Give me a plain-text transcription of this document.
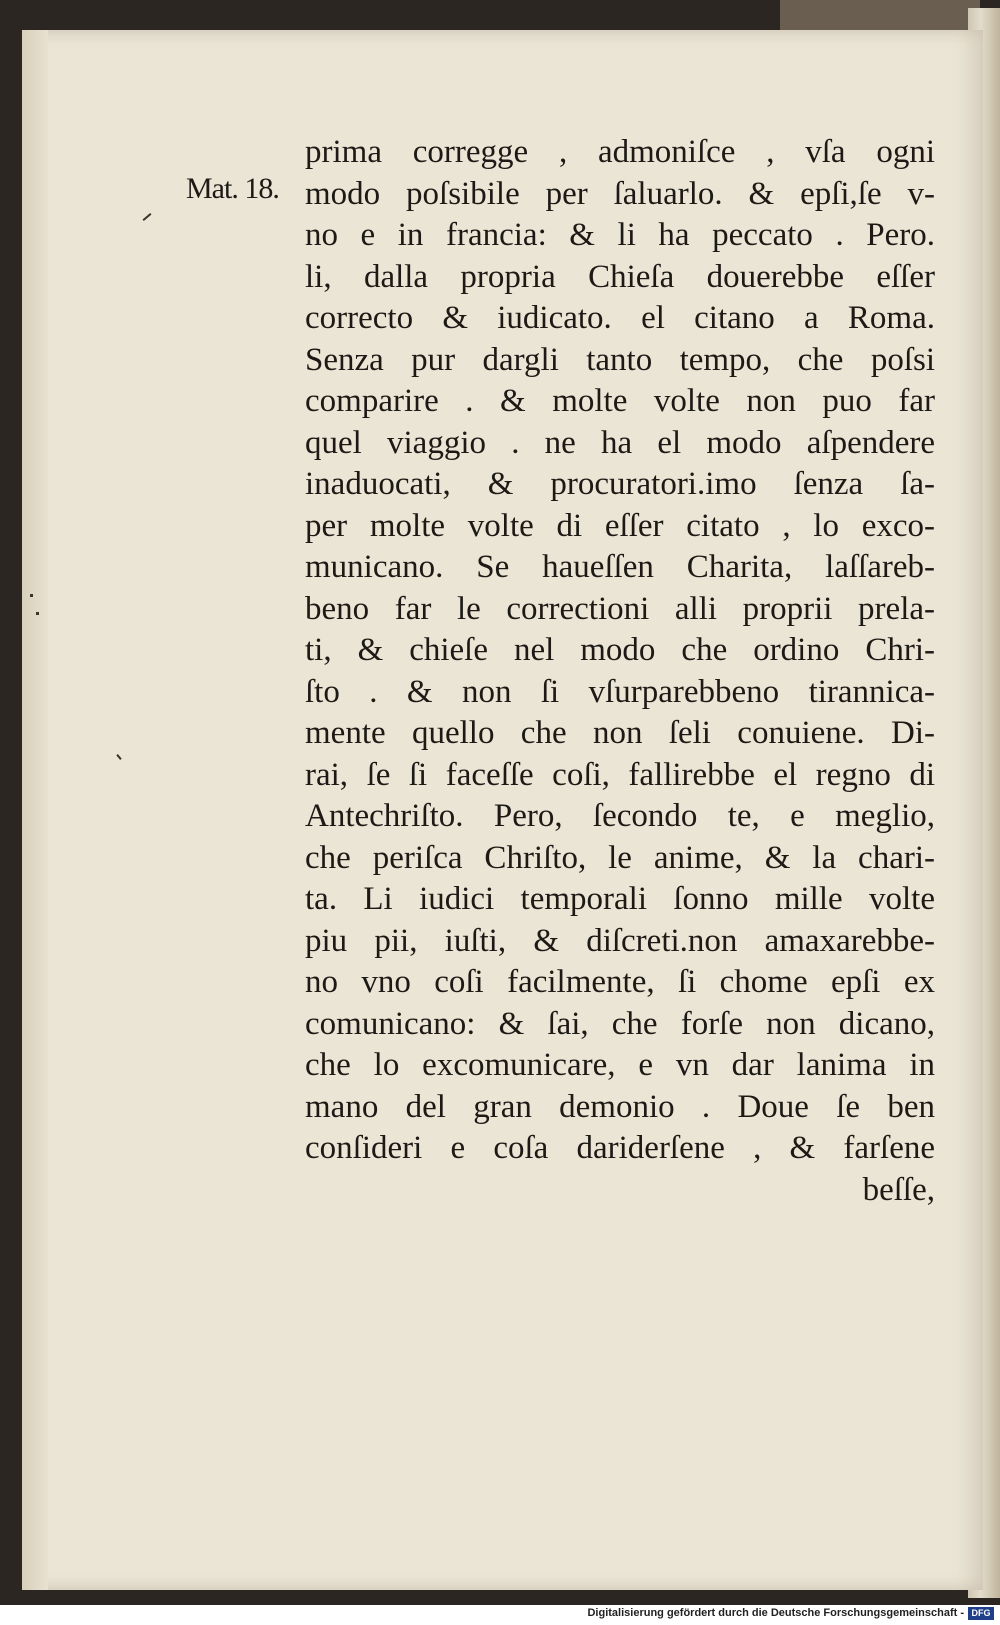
Mat. 18.
prima corregge , admoniſce , vſa ogni
modo poſsibile per ſaluarlo. & epſi,ſe v-
no e in francia: & li ha peccato . Pero.
li, dalla propria Chieſa douerebbe eſſer
correcto & iudicato. el citano a Roma.
Senza pur dargli tanto tempo, che poſsi
comparire . & molte volte non puo far
quel viaggio . ne ha el modo aſpendere
inaduocati, & procuratori.imo ſenza ſa-
per molte volte di eſſer citato , lo exco-
municano. Se haueſſen Charita, laſſareb-
beno far le correctioni alli proprii prela-
ti, & chieſe nel modo che ordino Chri-
ſto . & non ſi vſurparebbeno tirannica-
mente quello che non ſeli conuiene. Di-
rai, ſe ſi faceſſe coſi, fallirebbe el regno di
Antechriſto. Pero, ſecondo te, e meglio,
che periſca Chriſto, le anime, & la chari-
ta. Li iudici temporali ſonno mille volte
piu pii, iuſti, & diſcreti.non amaxarebbe-
no vno coſi facilmente, ſi chome epſi ex
comunicano: & ſai, che forſe non dicano,
che lo excomunicare, e vn dar lanima in
mano del gran demonio . Doue ſe ben
conſideri e coſa dariderſene , & farſene
beſſe,
Digitalisierung gefördert durch die Deutsche Forschungsgemeinschaft - DFG
